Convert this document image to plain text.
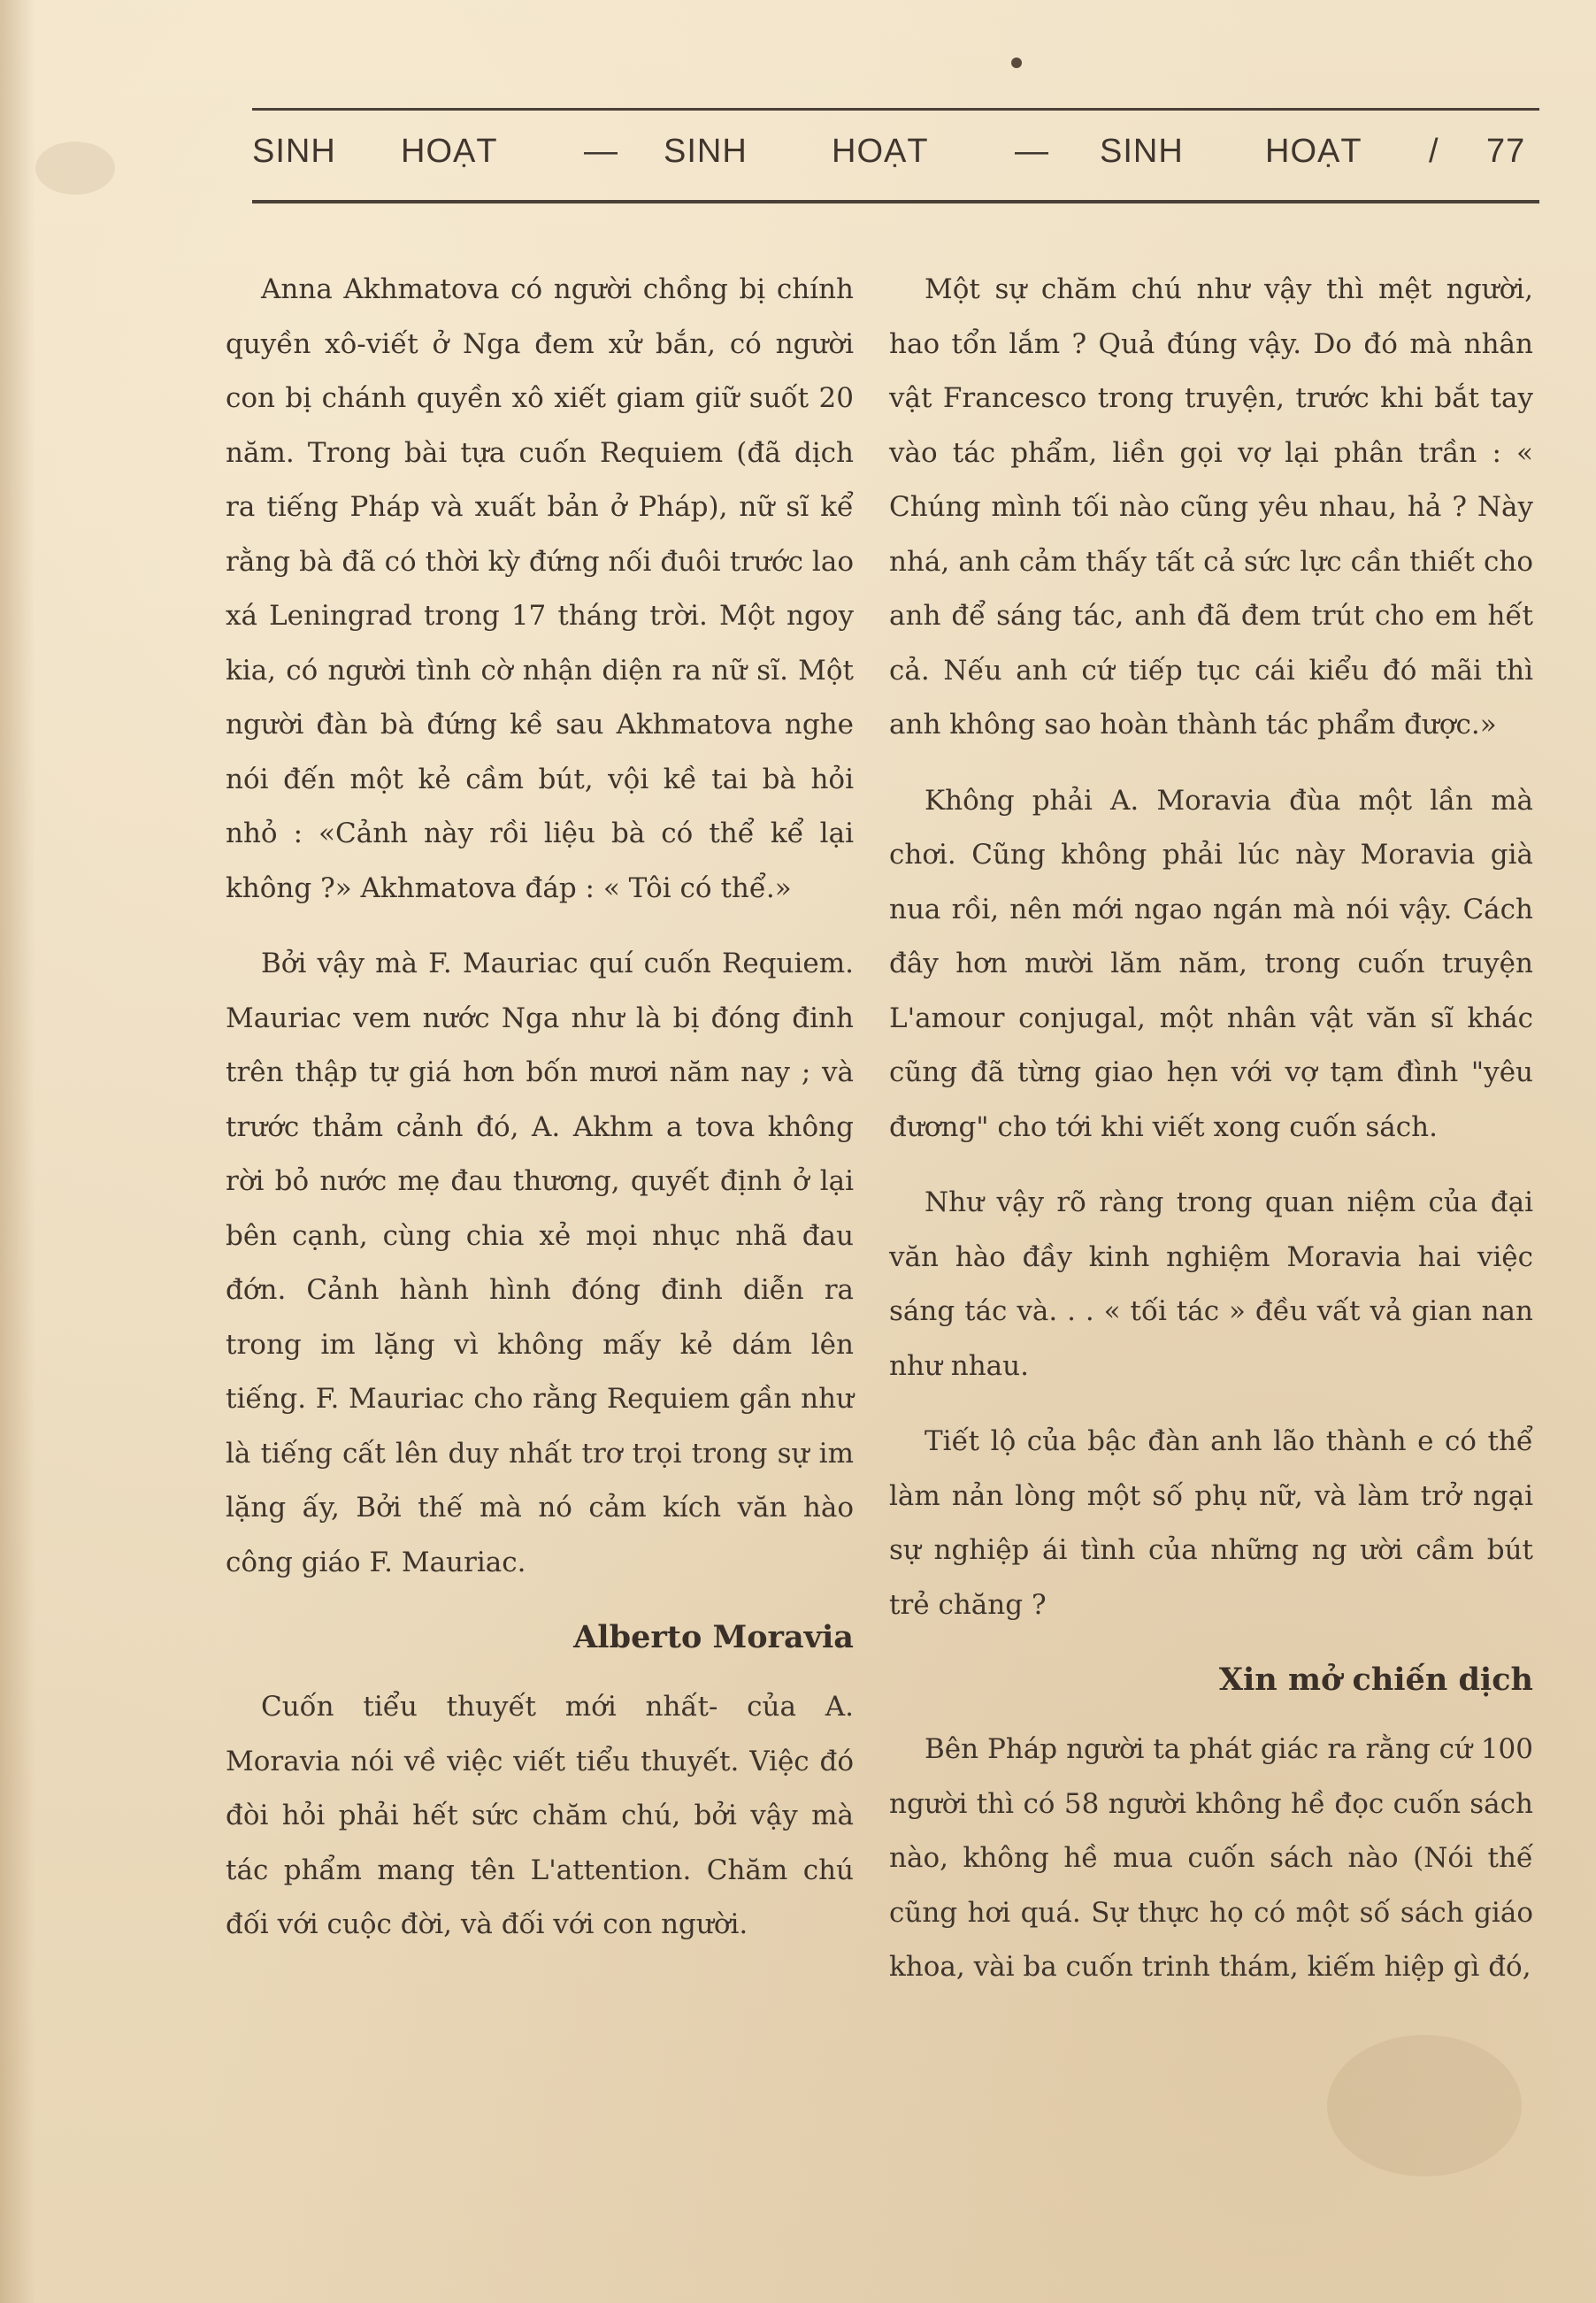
SINH HOẠT	— SINH	HOẠT	— SINH HOẠT / 77

Anna Akhmatova có người chồng bị chính quyền xô-viết ở Nga đem xử bắn, có người con bị chánh quyền xô xiết giam giữ suốt 20 năm. Trong bài tựa cuốn Requiem (đã dịch ra tiếng Pháp và xuất bản ở Pháp), nữ sĩ kể rằng bà đã có thời kỳ đứng nối đuôi trước lao xá Leningrad trong 17 tháng trời. Một ngoy kia, có người tình cờ nhận diện ra nữ sĩ. Một người đàn bà đứng kề sau Akhmatova nghe nói đến một kẻ cầm bút, vội kề tai bà hỏi nhỏ : «Cảnh này rồi liệu bà có thể kể lại không ?» Akhmatova đáp : « Tôi có thể.»

Bởi vậy mà F. Mauriac quí cuốn Requiem. Mauriac vem nước Nga như là bị đóng đinh trên thập tự giá hơn bốn mươi năm nay ; và trước thảm cảnh đó, A. Akhm a tova không rời bỏ nước mẹ đau thương, quyết định ở lại bên cạnh, cùng chia xẻ mọi nhục nhã đau đớn. Cảnh hành hình đóng đinh diễn ra trong im lặng vì không mấy kẻ dám lên tiếng. F. Mauriac cho rằng Requiem gần như là tiếng cất lên duy nhất trơ trọi trong sự im lặng ấy, Bởi thế mà nó cảm kích văn hào công giáo F. Mauriac.

Alberto Moravia

Cuốn tiểu thuyết mới nhất- của A. Moravia nói về việc viết tiểu thuyết. Việc đó đòi hỏi phải hết sức chăm chú, bởi vậy mà tác phẩm mang tên L'attention. Chăm chú đối với cuộc đời, và đối với con người.

Một sự chăm chú như vậy thì mệt người, hao tổn lắm ? Quả đúng vậy. Do đó mà nhân vật Francesco trong truyện, trước khi bắt tay vào tác phẩm, liền gọi vợ lại phân trần : « Chúng mình tối nào cũng yêu nhau, hả ? Này nhá, anh cảm thấy tất cả sức lực cần thiết cho anh để sáng tác, anh đã đem trút cho em hết cả. Nếu anh cứ tiếp tục cái kiểu đó mãi thì anh không sao hoàn thành tác phẩm được.»

Không phải A. Moravia đùa một lần mà chơi. Cũng không phải lúc này Moravia già nua rồi, nên mới ngao ngán mà nói vậy. Cách đây hơn mười lăm năm, trong cuốn truyện L'amour conjugal, một nhân vật văn sĩ khác cũng đã từng giao hẹn với vợ tạm đình "yêu đương" cho tới khi viết xong cuốn sách.

Như vậy rõ ràng trong quan niệm của đại văn hào đầy kinh nghiệm Moravia hai việc sáng tác và. . . « tối tác » đều vất vả gian nan như nhau.

Tiết lộ của bậc đàn anh lão thành e có thể làm nản lòng một số phụ nữ, và làm trở ngại sự nghiệp ái tình của những ng ười cầm bút trẻ chăng ?

Xin mở chiến dịch

Bên Pháp người ta phát giác ra rằng cứ 100 người thì có 58 người không hề đọc cuốn sách nào, không hề mua cuốn sách nào (Nói thế cũng hơi quá. Sự thực họ có một số sách giáo khoa, vài ba cuốn trinh thám, kiếm hiệp gì đó,
